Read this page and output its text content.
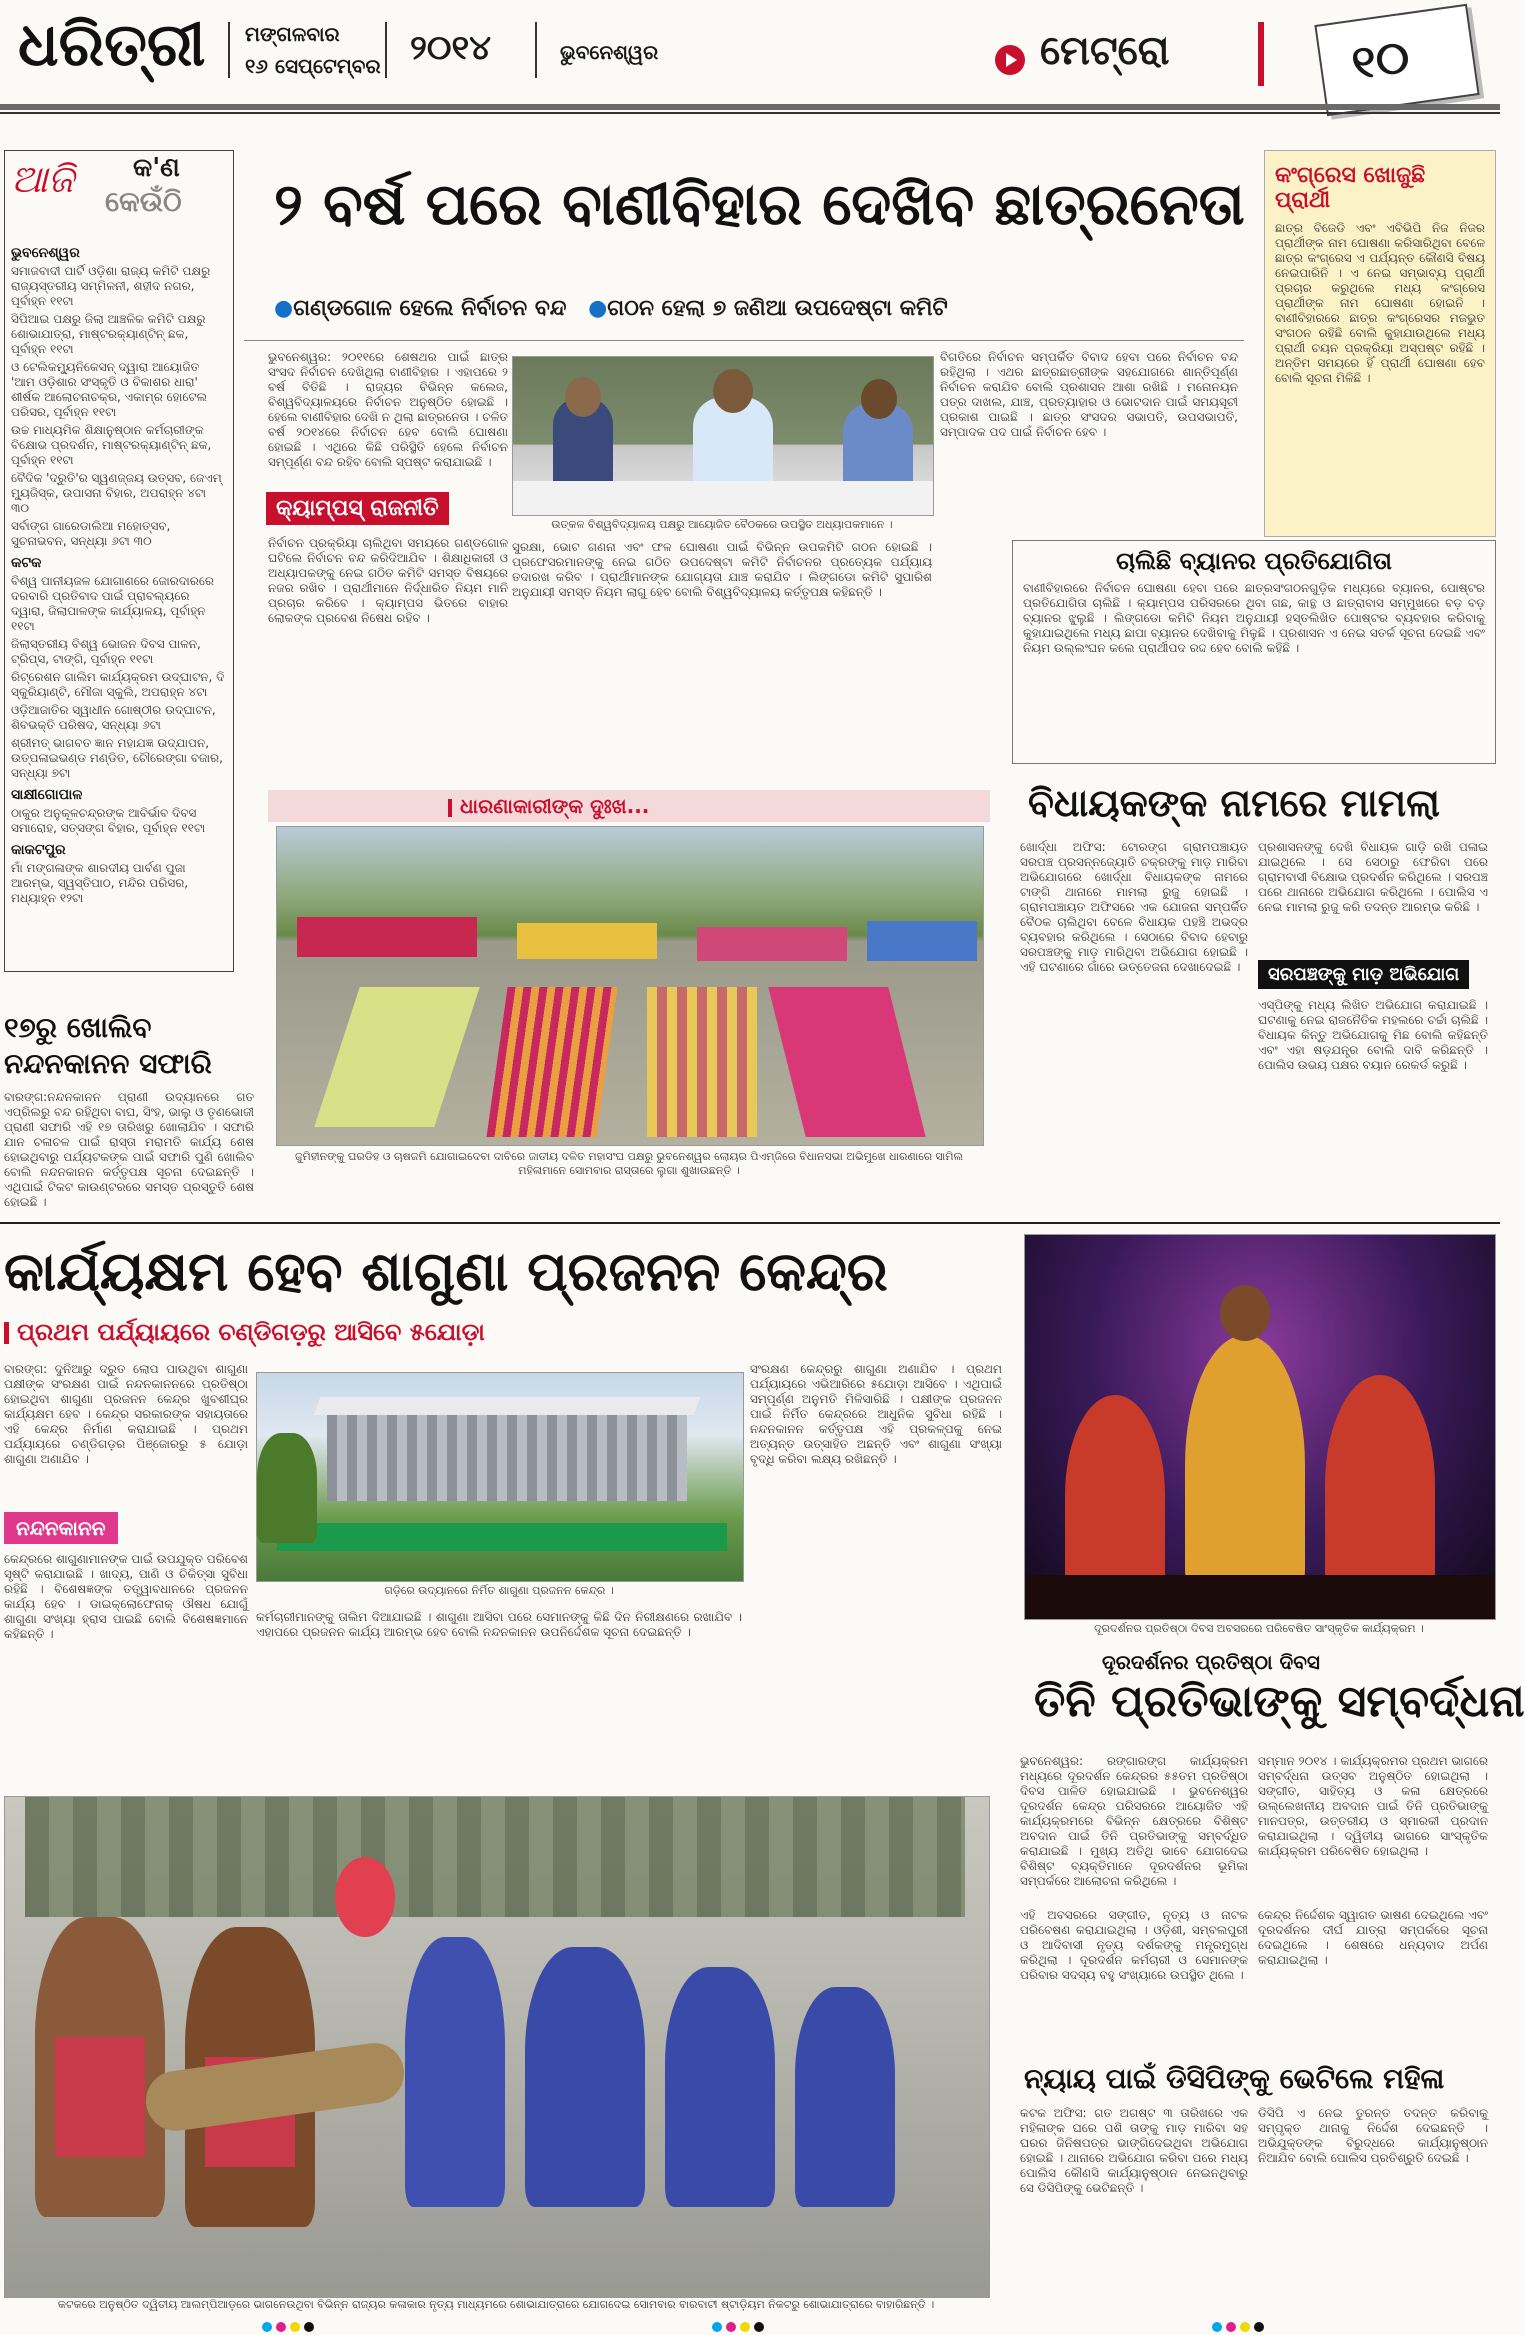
ଧରିତ୍ରୀ ମଙ୍ଗଳବାର
୧୬ ସେପ୍ଟେମ୍ବର ୨୦୧୪	ଭୁବନେଶ୍ୱର	ମେଟ୍ରୋ	୧୦
ଆଜି କ'ଣ
କେଉଁଠି
ଭୁବନେଶ୍ୱର
ସମାଜବାଦୀ ପାର୍ଟି ଓଡ଼ିଶା ରାଜ୍ୟ କମିଟି ପକ୍ଷରୁ ରାଜ୍ୟସ୍ତରୀୟ ସମ୍ମିଳନୀ, ଶହୀଦ ନଗର, ପୂର୍ବାହ୍ନ ୧୧ଟା
ସିପିଆଇ ପକ୍ଷରୁ ଜିଲା ଆଞ୍ଚଳିକ କମିଟି ପକ୍ଷରୁ ଶୋଭାଯାତ୍ରା, ମାଷ୍ଟରକ୍ୟାଣ୍ଟିନ୍ ଛକ, ପୂର୍ବାହ୍ନ ୧୧ଟା
ଓ ଟେଲିକମ୍ୟୁନିକେସନ୍ ଦ୍ୱାରା ଆୟୋଜିତ 'ଆମ ଓଡ଼ିଶାର ସଂସ୍କୃତି ଓ ବିକାଶର ଧାରା' ଶୀର୍ଷକ ଆଲୋଚନାଚକ୍ର, ଏକାମ୍ର ହୋଟେଲ ପରିସର, ପୂର୍ବାହ୍ନ ୧୧ଟା
ଉଚ୍ଚ ମାଧ୍ୟମିକ ଶିକ୍ଷାନୁଷ୍ଠାନ କର୍ମଚାରୀଙ୍କ ବିକ୍ଷୋଭ ପ୍ରଦର୍ଶନ, ମାଷ୍ଟରକ୍ୟାଣ୍ଟିନ୍ ଛକ, ପୂର୍ବାହ୍ନ ୧୧ଟା
ବୈଦିକ 'ଦ୍ରୁତି'ର ସ୍ୱଣଜ୍ଜୟ ଉତ୍ସବ, ଜେଏମ୍ ମ୍ୟୁଜିସ୍କ, ଉପାସନା ବିହାର, ଅପରାହ୍ନ ୪ଟା ୩୦
ସର୍ବାଙ୍ଗ ଗାରେଡାଲିଆ ମହୋତ୍ସବ, ସୁଚନାଭବନ, ସନ୍ଧ୍ୟା ୬ଟା ୩୦
କଟକ
ବିଶ୍ୱ ପାନୀୟଜଳ ଯୋଗାଣରେ ଜୋରଦାରରେ ଦରବାରି ପ୍ରତିବାଦ ପାଇଁ ପ୍ରାବଲ୍ୟରେ ଦ୍ୱାରା, ଜିଲାପାଳଙ୍କ କାର୍ଯ୍ୟାଳୟ, ପୂର୍ବାହ୍ନ ୧୧ଟା
ଜିଲାସ୍ତରୀୟ ବିଶ୍ୱ ଭୋଜନ ଦିବସ ପାଳନ, ଟ୍ରିପ୍ସ, ଟାଙ୍ଗି, ପୂର୍ବାହ୍ନ ୧୧ଟା
ରିଟ୍ରେଶନ ଗାଲିମ କାର୍ଯ୍ୟକ୍ରମ ଉଦ୍‌ଘାଟନ, ଦି ସ୍କୁରିୟାଣ୍ଟି, ମୌଜା ସ୍କୁଲି, ଅପରାହ୍ନ ୪ଟା
ଓଡ଼ିଆଜାତିର ସ୍ୱାଧୀନ ଗୋଷ୍ଠୀର ଉଦ୍‌ଘାଟନ, ଶିବଭକ୍ତି ପରିଷଦ, ସନ୍ଧ୍ୟା ୬ଟା
ଶ୍ରୀମତ୍ ଭାଗବତ ଜ୍ଞାନ ମହାଯଜ୍ଞ ଉଦ୍‌ଯାପନ, ଉତ୍ପଳାଇଭଣ୍ଡ ମଣ୍ଡିତ, ଚୌରେଙ୍ଗା ବଜାର, ସନ୍ଧ୍ୟା ୭ଟା
ସାକ୍ଷୀଗୋପାଳ
ଠାକୁର ଅନୁକୂଳଚନ୍ଦ୍ରଙ୍କ ଆବିର୍ଭାବ ଦିବସ ସମାରୋହ, ସତ୍ସଙ୍ଗ ବିହାର, ପୂର୍ବାହ୍ନ ୧୧ଟା
କାକଟପୁର
ମାଁ ମଙ୍ଗଳାଙ୍କ ଶାରଦୀୟ ପାର୍ବଣ ପୁଜା ଆରମ୍ଭ, ସ୍ୱସ୍ତିପାଠ, ମନ୍ଦିର ପରିସର, ମଧ୍ୟାହ୍ନ ୧୨ଟା
୧୭ରୁ ଖୋଲିବ
ନନ୍ଦନକାନନ ସଫାରି
ବାରଙ୍ଗ:ନନ୍ଦନକାନନ ପ୍ରାଣୀ ଉଦ୍ୟାନରେ ଗତ ଏପ୍ରିଲରୁ ବନ୍ଦ ରହିଥିବା ବାଘ, ସିଂହ, ଭାଲୁ ଓ ତୃଣଭୋଜୀ ପ୍ରାଣୀ ସଫାରି ଏହି ୧୭ ତାରିଖରୁ ଖୋଲାଯିବ । ସଫାରି ଯାନ ଚଳାଚଳ ପାଇଁ ରାସ୍ତା ମରାମତି କାର୍ଯ୍ୟ ଶେଷ ହୋଇଥିବାରୁ ପର୍ଯ୍ୟଟକଙ୍କ ପାଇଁ ସଫାରି ପୁଣି ଖୋଲିବ ବୋଲି ନନ୍ଦନକାନନ କର୍ତ୍ତୃପକ୍ଷ ସୂଚନା ଦେଇଛନ୍ତି । ଏଥିପାଇଁ ଟିକଟ କାଉଣ୍ଟରରେ ସମସ୍ତ ପ୍ରସ୍ତୁତି ଶେଷ ହୋଇଛି ।
୨ ବର୍ଷ ପରେ ବାଣୀବିହାର ଦେଖିବ ଛାତ୍ରନେତା
●ଗଣ୍ଡଗୋଳ ହେଲେ ନିର୍ବାଚନ ବନ୍ଦ ●ଗଠନ ହେଲା ୭ ଜଣିଆ ଉପଦେଷ୍ଟା କମିଟି
ଭୁବନେଶ୍ୱର: ୨୦୧୧ରେ ଶେଷଥର ପାଇଁ ଛାତ୍ର ସଂସଦ ନିର୍ବାଚନ ଦେଖିଥିଲା ବାଣୀବିହାର । ଏହାପରେ ୨ ବର୍ଷ ବିତିଛି । ରାଜ୍ୟର ବିଭିନ୍ନ କଲେଜ, ବିଶ୍ୱବିଦ୍ୟାଳୟରେ ନିର୍ବାଚନ ଅନୁଷ୍ଠିତ ହୋଇଛି । ହେଲେ ବାଣୀବିହାର ଦେଖି ନ ଥିଲା ଛାତ୍ରନେତା । ଚଳିତ ବର୍ଷ ୨୦୧୪ରେ ନିର୍ବାଚନ ହେବ ବୋଲି ଘୋଷଣା ହୋଇଛି । ଏଥିରେ କିଛି ପରିସ୍ଥିତି ହେଲେ ନିର୍ବାଚନ ସମ୍ପୂର୍ଣ୍ଣ ବନ୍ଦ ରହିବ ବୋଲି ସ୍ପଷ୍ଟ କରାଯାଇଛି ।
କ୍ୟାମ୍ପସ୍ ରାଜନୀତି
ନିର୍ବାଚନ ପ୍ରକ୍ରିୟା ଚାଲିଥିବା ସମୟରେ ଗଣ୍ଡଗୋଳ ଘଟିଲେ ନିର୍ବାଚନ ବନ୍ଦ କରିଦିଆଯିବ । ଶିକ୍ଷାଧିକାରୀ ଓ ଅଧ୍ୟାପକଙ୍କୁ ନେଇ ଗଠିତ କମିଟି ସମସ୍ତ ବିଷୟରେ ନଜର ରଖିବ । ପ୍ରାର୍ଥୀମାନେ ନିର୍ଦ୍ଧାରିତ ନିୟମ ମାନି ପ୍ରଚାର କରିବେ । କ୍ୟାମ୍ପସ ଭିତରେ ବାହାର ଲୋକଙ୍କ ପ୍ରବେଶ ନିଷେଧ ରହିବ ।
ଉତ୍କଳ ବିଶ୍ୱବିଦ୍ୟାଳୟ ପକ୍ଷରୁ ଆୟୋଜିତ ବୈଠକରେ ଉପସ୍ଥିତ ଅଧ୍ୟାପକମାନେ ।
ସୁରକ୍ଷା, ଭୋଟ ଗଣନା ଏବଂ ଫଳ ଘୋଷଣା ପାଇଁ ବିଭିନ୍ନ ଉପକମିଟି ଗଠନ ହୋଇଛି । ପ୍ରଫେସରମାନଙ୍କୁ ନେଇ ଗଠିତ ଉପଦେଷ୍ଟା କମିଟି ନିର୍ବାଚନର ପ୍ରତ୍ୟେକ ପର୍ଯ୍ୟାୟ ତଦାରଖ କରିବ । ପ୍ରାର୍ଥୀମାନଙ୍କ ଯୋଗ୍ୟତା ଯାଞ୍ଚ କରାଯିବ । ଲିଙ୍ଗଡୋ କମିଟି ସୁପାରିଶ ଅନୁଯାୟୀ ସମସ୍ତ ନିୟମ ଲାଗୁ ହେବ ବୋଲି ବିଶ୍ୱବିଦ୍ୟାଳୟ କର୍ତ୍ତୃପକ୍ଷ କହିଛନ୍ତି ।
ବିଗତିରେ ନିର୍ବାଚନ ସମ୍ପର୍କିତ ବିବାଦ ହେବା ପରେ ନିର୍ବାଚନ ବନ୍ଦ ରହିଥିଲା । ଏଥର ଛାତ୍ରଛାତ୍ରୀଙ୍କ ସହଯୋଗରେ ଶାନ୍ତିପୂର୍ଣ୍ଣ ନିର୍ବାଚନ କରାଯିବ ବୋଲି ପ୍ରଶାସନ ଆଶା ରଖିଛି । ମନୋନୟନ ପତ୍ର ଦାଖଲ, ଯାଞ୍ଚ, ପ୍ରତ୍ୟାହାର ଓ ଭୋଟଦାନ ପାଇଁ ସମୟସୂଚୀ ପ୍ରକାଶ ପାଇଛି । ଛାତ୍ର ସଂସଦର ସଭାପତି, ଉପସଭାପତି, ସମ୍ପାଦକ ପଦ ପାଇଁ ନିର୍ବାଚନ ହେବ ।
କଂଗ୍ରେସ ଖୋଜୁଛି ପ୍ରାର୍ଥୀ
ଛାତ୍ର ବିଜେଡି ଏବଂ ଏବିଭିପି ନିଜ ନିଜର ପ୍ରାର୍ଥୀଙ୍କ ନାମ ଘୋଷଣା କରିସାରିଥିବା ବେଳେ ଛାତ୍ର କଂଗ୍ରେସ ଏ ପର୍ଯ୍ୟନ୍ତ କୌଣସି ବିଷୟ ନେଇପାରିନି । ଏ ନେଇ ସମ୍ଭାବ୍ୟ ପ୍ରାର୍ଥୀ ପ୍ରଚାର କରୁଥିଲେ ମଧ୍ୟ କଂଗ୍ରେସ ପ୍ରାର୍ଥୀଙ୍କ ନାମ ଘୋଷଣା ହୋଇନି । ବାଣୀବିହାରରେ ଛାତ୍ର କଂଗ୍ରେସର ମଜଭୁତ ସଂଗଠନ ରହିଛି ବୋଲି କୁହାଯାଉଥିଲେ ମଧ୍ୟ ପ୍ରାର୍ଥୀ ଚୟନ ପ୍ରକ୍ରିୟା ଅସ୍ପଷ୍ଟ ରହିଛି । ଅନ୍ତିମ ସମୟରେ ହିଁ ପ୍ରାର୍ଥୀ ଘୋଷଣା ହେବ ବୋଲି ସୂଚନା ମିଳିଛି ।
ଚାଲିଛି ବ୍ୟାନର ପ୍ରତିଯୋଗିତା
ବାଣୀବିହାରରେ ନିର୍ବାଚନ ଘୋଷଣା ହେବା ପରେ ଛାତ୍ରସଂଗଠନଗୁଡ଼ିକ ମଧ୍ୟରେ ବ୍ୟାନର, ପୋଷ୍ଟର ପ୍ରତିଯୋଗିତା ଚାଲିଛି । କ୍ୟାମ୍ପସ ପରିସରରେ ଥିବା ଗଛ, କାନ୍ଥ ଓ ଛାତ୍ରାବାସ ସମ୍ମୁଖରେ ବଡ଼ ବଡ଼ ବ୍ୟାନର ଝୁଲୁଛି । ଲିଙ୍ଗଡୋ କମିଟି ନିୟମ ଅନୁଯାୟୀ ହସ୍ତଲିଖିତ ପୋଷ୍ଟର ବ୍ୟବହାର କରିବାକୁ କୁହାଯାଇଥିଲେ ମଧ୍ୟ ଛାପା ବ୍ୟାନର ଦେଖିବାକୁ ମିଳୁଛି । ପ୍ରଶାସନ ଏ ନେଇ ସତର୍କ ସୂଚନା ଦେଇଛି ଏବଂ ନିୟମ ଉଲ୍ଲଂଘନ କଲେ ପ୍ରାର୍ଥୀପଦ ରଦ୍ଦ ହେବ ବୋଲି କହିଛି ।
ଧାରଣାକାରୀଙ୍କ ଦୁଃଖ...
ଜୁମିହୀନଙ୍କୁ ଘରଡିହ ଓ ଚାଷଜମି ଯୋଗାଇଦେବା ଦାବିରେ ଜାତୀୟ ଦଳିତ ମହାସଂଘ ପକ୍ଷରୁ ଭୁବନେଶ୍ୱର ଲୋୟର ପିଏମ୍‌ଜିରେ ବିଧାନସଭା ଅଭିମୁଖେ ଧାରଣାରେ ସାମିଲ ମହିଳାମାନେ ସୋମବାର ରାସ୍ତାରେ ଲୁଗା ଶୁଖାଉଛନ୍ତି ।
ବିଧାୟକଙ୍କ ନାମରେ ମାମଲା
ଖୋର୍ଦ୍ଧା ଅଫିସ: ଟୋରଙ୍ଗ ଗ୍ରାମପଞ୍ଚାୟତ ସରପଞ୍ଚ ପ୍ରସନ୍ନଜ୍ୟୋତି ଚକ୍ରଙ୍କୁ ମାଡ଼ ମାରିବା ଅଭିଯୋଗରେ ଖୋର୍ଦ୍ଧା ବିଧାୟକଙ୍କ ନାମରେ ଟାଙ୍ଗି ଥାନାରେ ମାମଲା ରୁଜୁ ହୋଇଛି । ଗ୍ରାମପଞ୍ଚାୟତ ଅଫିସରେ ଏକ ଯୋଜନା ସମ୍ପର୍କିତ ବୈଠକ ଚାଲିଥିବା ବେଳେ ବିଧାୟକ ପହଞ୍ଚି ଅଭଦ୍ର ବ୍ୟବହାର କରିଥିଲେ । ସେଠାରେ ବିବାଦ ହେବାରୁ ସରପଞ୍ଚଙ୍କୁ ମାଡ଼ ମାରିଥିବା ଅଭିଯୋଗ ହୋଇଛି । ଏହି ଘଟଣାରେ ଗାଁରେ ଉତ୍ତେଜନା ଦେଖାଦେଇଛି ।
ପ୍ରଶାସନଙ୍କୁ ଦେଖି ବିଧାୟକ ଗାଡ଼ି ରଖି ପଳାଇ ଯାଇଥିଲେ । ସେ ସେଠାରୁ ଫେରିବା ପରେ ଗ୍ରାମବାସୀ ବିକ୍ଷୋଭ ପ୍ରଦର୍ଶନ କରିଥିଲେ । ସରପଞ୍ଚ ପରେ ଥାନାରେ ଅଭିଯୋଗ କରିଥିଲେ । ପୋଲିସ ଏ ନେଇ ମାମଲା ରୁଜୁ କରି ତଦନ୍ତ ଆରମ୍ଭ କରିଛି ।
ସରପଞ୍ଚଙ୍କୁ ମାଡ଼ ଅଭିଯୋଗ
ଏସ୍‌ପିଙ୍କୁ ମଧ୍ୟ ଲିଖିତ ଅଭିଯୋଗ କରାଯାଇଛି । ଘଟଣାକୁ ନେଇ ରାଜନୈତିକ ମହଲରେ ଚର୍ଚ୍ଚା ଚାଲିଛି । ବିଧାୟକ କିନ୍ତୁ ଅଭିଯୋଗକୁ ମିଛ ବୋଲି କହିଛନ୍ତି ଏବଂ ଏହା ଷଡ଼ଯନ୍ତ୍ର ବୋଲି ଦାବି କରିଛନ୍ତି । ପୋଲିସ ଉଭୟ ପକ୍ଷର ବୟାନ ରେକର୍ଡ କରୁଛି ।
କାର୍ଯ୍ୟକ୍ଷମ ହେବ ଶାଗୁଣା ପ୍ରଜନନ କେନ୍ଦ୍ର
ପ୍ରଥମ ପର୍ଯ୍ୟାୟରେ ଚଣ୍ଡିଗଡ଼ରୁ ଆସିବେ ୫ଯୋଡ଼ା
ବାରଙ୍ଗ: ଦୁନିଆରୁ ଦ୍ରୁତ ଲୋପ ପାଉଥିବା ଶାଗୁଣା ପକ୍ଷୀଙ୍କ ସଂରକ୍ଷଣ ପାଇଁ ନନ୍ଦନକାନନରେ ପ୍ରତିଷ୍ଠା ହୋଇଥିବା ଶାଗୁଣା ପ୍ରଜନନ କେନ୍ଦ୍ର ଖୁବଶୀଘ୍ର କାର୍ଯ୍ୟକ୍ଷମ ହେବ । କେନ୍ଦ୍ର ସରକାରଙ୍କ ସହାୟତାରେ ଏହି କେନ୍ଦ୍ର ନିର୍ମାଣ କରାଯାଇଛି । ପ୍ରଥମ ପର୍ଯ୍ୟାୟରେ ଚଣ୍ଡିଗଡ଼ର ପିଞ୍ଜୋରରୁ ୫ ଯୋଡ଼ା ଶାଗୁଣା ଅଣାଯିବ ।
ନନ୍ଦନକାନନ
କେନ୍ଦ୍ରରେ ଶାଗୁଣାମାନଙ୍କ ପାଇଁ ଉପଯୁକ୍ତ ପରିବେଶ ସୃଷ୍ଟି କରାଯାଇଛି । ଖାଦ୍ୟ, ପାଣି ଓ ଚିକିତ୍ସା ସୁବିଧା ରହିଛି । ବିଶେଷଜ୍ଞଙ୍କ ତତ୍ତ୍ୱାବଧାନରେ ପ୍ରଜନନ କାର୍ଯ୍ୟ ହେବ । ଡାଇକ୍ଲୋଫେନାକ୍ ଔଷଧ ଯୋଗୁଁ ଶାଗୁଣା ସଂଖ୍ୟା ହ୍ରାସ ପାଇଛି ବୋଲି ବିଶେଷଜ୍ଞମାନେ କହିଛନ୍ତି ।
ଗଡ଼ିରେ ଉଦ୍ୟାନରେ ନିର୍ମିତ ଶାଗୁଣା ପ୍ରଜନନ କେନ୍ଦ୍ର ।
କର୍ମଚାରୀମାନଙ୍କୁ ତାଲିମ ଦିଆଯାଇଛି । ଶାଗୁଣା ଆସିବା ପରେ ସେମାନଙ୍କୁ କିଛି ଦିନ ନିରୀକ୍ଷଣରେ ରଖାଯିବ । ଏହାପରେ ପ୍ରଜନନ କାର୍ଯ୍ୟ ଆରମ୍ଭ ହେବ ବୋଲି ନନ୍ଦନକାନନ ଉପନିର୍ଦ୍ଦେଶକ ସୂଚନା ଦେଇଛନ୍ତି ।
ସଂରକ୍ଷଣ କେନ୍ଦ୍ରରୁ ଶାଗୁଣା ଅଣାଯିବ । ପ୍ରଥମ ପର୍ଯ୍ୟାୟରେ ଏଭିଆରିରେ ୫ଯୋଡ଼ା ଆସିବେ । ଏଥିପାଇଁ ସମ୍ପୂର୍ଣ୍ଣ ଅନୁମତି ମିଳିସାରିଛି । ପକ୍ଷୀଙ୍କ ପ୍ରଜନନ ପାଇଁ ନିର୍ମିତ କେନ୍ଦ୍ରରେ ଆଧୁନିକ ସୁବିଧା ରହିଛି । ନନ୍ଦନକାନନ କର୍ତ୍ତୃପକ୍ଷ ଏହି ପ୍ରକଳ୍ପକୁ ନେଇ ଅତ୍ୟନ୍ତ ଉତ୍ସାହିତ ଅଛନ୍ତି ଏବଂ ଶାଗୁଣା ସଂଖ୍ୟା ବୃଦ୍ଧି କରିବା ଲକ୍ଷ୍ୟ ରଖିଛନ୍ତି ।
ଦୂରଦର୍ଶନର ପ୍ରତିଷ୍ଠା ଦିବସ ଅବସରରେ ପରିବେଷିତ ସାଂସ୍କୃତିକ କାର୍ଯ୍ୟକ୍ରମ ।
ଦୂରଦର୍ଶନର ପ୍ରତିଷ୍ଠା ଦିବସ
ତିନି ପ୍ରତିଭାଙ୍କୁ ସମ୍ବର୍ଦ୍ଧନା
ଭୁବନେଶ୍ୱର: ରଙ୍ଗାରଙ୍ଗ କାର୍ଯ୍ୟକ୍ରମ ମଧ୍ୟରେ ଦୂରଦର୍ଶନ କେନ୍ଦ୍ରର ୫୫ତମ ପ୍ରତିଷ୍ଠା ଦିବସ ପାଳିତ ହୋଇଯାଇଛି । ଭୁବନେଶ୍ୱର ଦୂରଦର୍ଶନ କେନ୍ଦ୍ର ପରିସରରେ ଆୟୋଜିତ ଏହି କାର୍ଯ୍ୟକ୍ରମରେ ବିଭିନ୍ନ କ୍ଷେତ୍ରରେ ବିଶିଷ୍ଟ ଅବଦାନ ପାଇଁ ତିନି ପ୍ରତିଭାଙ୍କୁ ସମ୍ବର୍ଦ୍ଧିତ କରାଯାଇଛି । ମୁଖ୍ୟ ଅତିଥି ଭାବେ ଯୋଗଦେଇ ବିଶିଷ୍ଟ ବ୍ୟକ୍ତିମାନେ ଦୂରଦର୍ଶନର ଭୂମିକା ସମ୍ପର୍କରେ ଆଲୋଚନା କରିଥିଲେ ।
ଏହି ଅବସରରେ ସଙ୍ଗୀତ, ନୃତ୍ୟ ଓ ନାଟକ ପରିବେଷଣ କରାଯାଇଥିଲା । ଓଡ଼ିଶୀ, ସମ୍ବଲପୁରୀ ଓ ଆଦିବାସୀ ନୃତ୍ୟ ଦର୍ଶକଙ୍କୁ ମନ୍ତ୍ରମୁଗ୍ଧ କରିଥିଲା । ଦୂରଦର୍ଶନ କର୍ମଚାରୀ ଓ ସେମାନଙ୍କ ପରିବାର ସଦସ୍ୟ ବହୁ ସଂଖ୍ୟାରେ ଉପସ୍ଥିତ ଥିଲେ ।
ସମ୍ମାନ ୨୦୧୪ । କାର୍ଯ୍ୟକ୍ରମର ପ୍ରଥମ ଭାଗରେ ସମ୍ବର୍ଦ୍ଧନା ଉତ୍ସବ ଅନୁଷ୍ଠିତ ହୋଇଥିଲା । ସଙ୍ଗୀତ, ସାହିତ୍ୟ ଓ କଳା କ୍ଷେତ୍ରରେ ଉଲ୍ଲେଖନୀୟ ଅବଦାନ ପାଇଁ ତିନି ପ୍ରତିଭାଙ୍କୁ ମାନପତ୍ର, ଉତ୍ତରୀୟ ଓ ସ୍ମାରକୀ ପ୍ରଦାନ କରାଯାଇଥିଲା । ଦ୍ୱିତୀୟ ଭାଗରେ ସାଂସ୍କୃତିକ କାର୍ଯ୍ୟକ୍ରମ ପରିବେଷିତ ହୋଇଥିଲା ।
କେନ୍ଦ୍ର ନିର୍ଦ୍ଦେଶକ ସ୍ୱାଗତ ଭାଷଣ ଦେଇଥିଲେ ଏବଂ ଦୂରଦର୍ଶନର ଦୀର୍ଘ ଯାତ୍ରା ସମ୍ପର୍କରେ ସୂଚନା ଦେଇଥିଲେ । ଶେଷରେ ଧନ୍ୟବାଦ ଅର୍ପଣ କରାଯାଇଥିଲା ।
କଟକରେ ଅନୁଷ୍ଠିତ ଦ୍ୱିତୀୟ ଆଲମ୍ପିଆଡ଼ରେ ଭାଗନେଉଥିବା ବିଭିନ୍ନ ରାଜ୍ୟର କଳାକାର ନୃତ୍ୟ ମାଧ୍ୟମରେ ଶୋଭାଯାତ୍ରାରେ ଯୋଗଦେଇ ସୋମବାର ବାରବାଟୀ ଷ୍ଟାଡ଼ିୟମ ନିକଟରୁ ଶୋଭାଯାତ୍ରାରେ ବାହାରିଛନ୍ତି ।
ନ୍ୟାୟ ପାଇଁ ଡିସିପିଙ୍କୁ ଭେଟିଲେ ମହିଳା
କଟକ ଅଫିସ: ଗତ ଅଗଷ୍ଟ ୩ ତାରିଖରେ ଏକ ମହିଳାଙ୍କ ଘରେ ପଶି ତାଙ୍କୁ ମାଡ଼ ମାରିବା ସହ ଘରର ଜିନିଷପତ୍ର ଭାଙ୍ଗିଦେଇଥିବା ଅଭିଯୋଗ ହୋଇଛି । ଥାନାରେ ଅଭିଯୋଗ କରିବା ପରେ ମଧ୍ୟ ପୋଲିସ କୌଣସି କାର୍ଯ୍ୟାନୁଷ୍ଠାନ ନେଇନଥିବାରୁ ସେ ଡିସିପିଙ୍କୁ ଭେଟିଛନ୍ତି ।
ଡିସିପି ଏ ନେଇ ତୁରନ୍ତ ତଦନ୍ତ କରିବାକୁ ସମ୍ପୃକ୍ତ ଥାନାକୁ ନିର୍ଦ୍ଦେଶ ଦେଇଛନ୍ତି । ଅଭିଯୁକ୍ତଙ୍କ ବିରୁଦ୍ଧରେ କାର୍ଯ୍ୟାନୁଷ୍ଠାନ ନିଆଯିବ ବୋଲି ପୋଲିସ ପ୍ରତିଶ୍ରୁତି ଦେଇଛି ।
